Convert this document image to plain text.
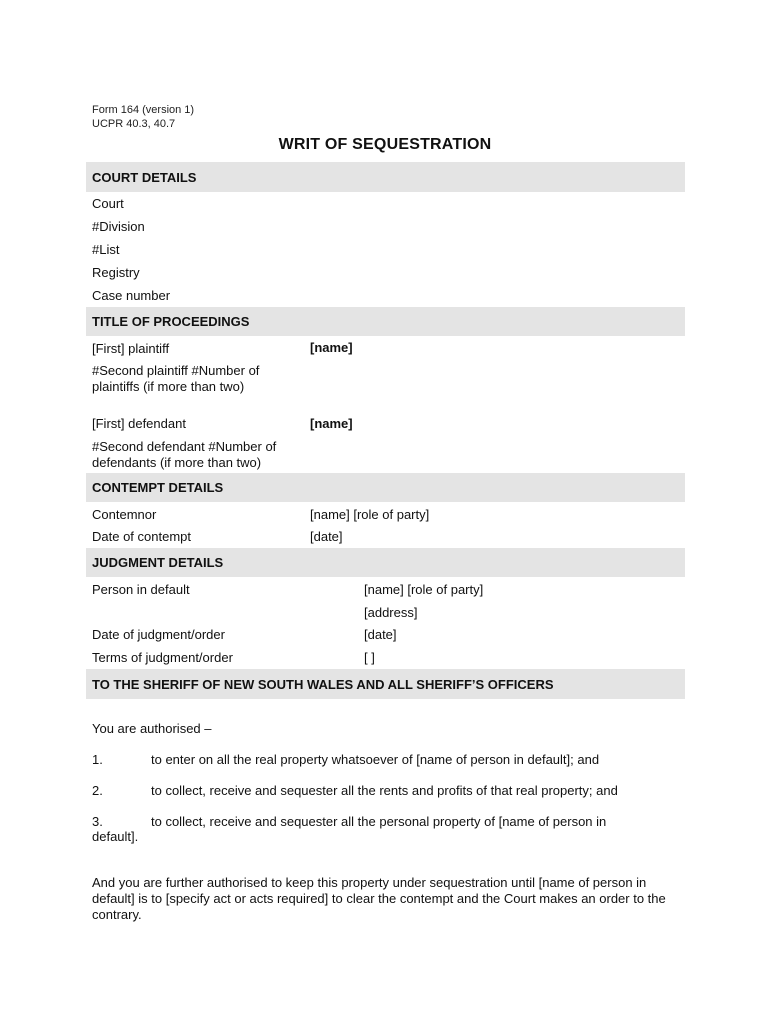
Form 164 (version 1)
UCPR 40.3, 40.7
WRIT OF SEQUESTRATION
COURT DETAILS
Court
#Division
#List
Registry
Case number
TITLE OF PROCEEDINGS
[First] plaintiff	[name]
#Second plaintiff #Number of plaintiffs (if more than two)
[First] defendant	[name]
#Second defendant #Number of defendants (if more than two)
CONTEMPT DETAILS
Contemnor	[name] [role of party]
Date of contempt	[date]
JUDGMENT DETAILS
Person in default	[name] [role of party]
[address]
Date of judgment/order	[date]
Terms of judgment/order	[ ]
TO THE SHERIFF OF NEW SOUTH WALES AND ALL SHERIFF’S OFFICERS
You are authorised –
1.	to enter on all the real property whatsoever of [name of person in default]; and
2.	to collect, receive and sequester all the rents and profits of that real property; and
3.	to collect, receive and sequester all the personal property of [name of person in
default].
And you are further authorised to keep this property under sequestration until [name of person in default] is to [specify act or acts required] to clear the contempt and the Court makes an order to the contrary.
